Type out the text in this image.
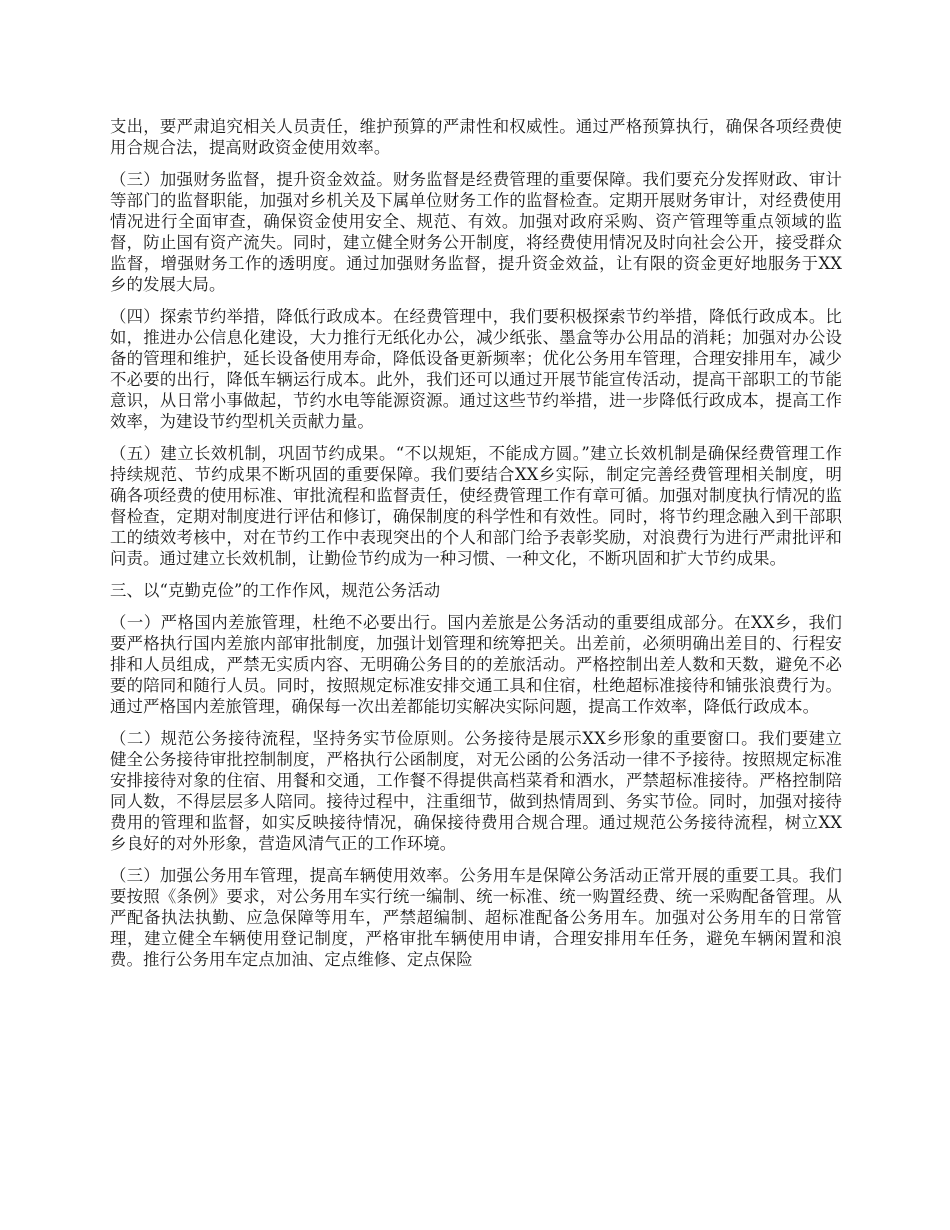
支出，要严肃追究相关人员责任，维护预算的严肃性和权威性。通过严格预算执行，确保各项经费使用合规合法，提高财政资金使用效率。

（三）加强财务监督，提升资金效益。财务监督是经费管理的重要保障。我们要充分发挥财政、审计等部门的监督职能，加强对乡机关及下属单位财务工作的监督检查。定期开展财务审计，对经费使用情况进行全面审查，确保资金使用安全、规范、有效。加强对政府采购、资产管理等重点领域的监督，防止国有资产流失。同时，建立健全财务公开制度，将经费使用情况及时向社会公开，接受群众监督，增强财务工作的透明度。通过加强财务监督，提升资金效益，让有限的资金更好地服务于XX乡的发展大局。

（四）探索节约举措，降低行政成本。在经费管理中，我们要积极探索节约举措，降低行政成本。比如，推进办公信息化建设，大力推行无纸化办公，减少纸张、墨盒等办公用品的消耗；加强对办公设备的管理和维护，延长设备使用寿命，降低设备更新频率；优化公务用车管理，合理安排用车，减少不必要的出行，降低车辆运行成本。此外，我们还可以通过开展节能宣传活动，提高干部职工的节能意识，从日常小事做起，节约水电等能源资源。通过这些节约举措，进一步降低行政成本，提高工作效率，为建设节约型机关贡献力量。

（五）建立长效机制，巩固节约成果。“不以规矩，不能成方圆。”建立长效机制是确保经费管理工作持续规范、节约成果不断巩固的重要保障。我们要结合XX乡实际，制定完善经费管理相关制度，明确各项经费的使用标准、审批流程和监督责任，使经费管理工作有章可循。加强对制度执行情况的监督检查，定期对制度进行评估和修订，确保制度的科学性和有效性。同时，将节约理念融入到干部职工的绩效考核中，对在节约工作中表现突出的个人和部门给予表彰奖励，对浪费行为进行严肃批评和问责。通过建立长效机制，让勤俭节约成为一种习惯、一种文化，不断巩固和扩大节约成果。

三、以“克勤克俭”的工作作风，规范公务活动

（一）严格国内差旅管理，杜绝不必要出行。国内差旅是公务活动的重要组成部分。在XX乡，我们要严格执行国内差旅内部审批制度，加强计划管理和统筹把关。出差前，必须明确出差目的、行程安排和人员组成，严禁无实质内容、无明确公务目的的差旅活动。严格控制出差人数和天数，避免不必要的陪同和随行人员。同时，按照规定标准安排交通工具和住宿，杜绝超标准接待和铺张浪费行为。通过严格国内差旅管理，确保每一次出差都能切实解决实际问题，提高工作效率，降低行政成本。

（二）规范公务接待流程，坚持务实节俭原则。公务接待是展示XX乡形象的重要窗口。我们要建立健全公务接待审批控制制度，严格执行公函制度，对无公函的公务活动一律不予接待。按照规定标准安排接待对象的住宿、用餐和交通，工作餐不得提供高档菜肴和酒水，严禁超标准接待。严格控制陪同人数，不得层层多人陪同。接待过程中，注重细节，做到热情周到、务实节俭。同时，加强对接待费用的管理和监督，如实反映接待情况，确保接待费用合规合理。通过规范公务接待流程，树立XX乡良好的对外形象，营造风清气正的工作环境。

（三）加强公务用车管理，提高车辆使用效率。公务用车是保障公务活动正常开展的重要工具。我们要按照《条例》要求，对公务用车实行统一编制、统一标准、统一购置经费、统一采购配备管理。从严配备执法执勤、应急保障等用车，严禁超编制、超标准配备公务用车。加强对公务用车的日常管理，建立健全车辆使用登记制度，严格审批车辆使用申请，合理安排用车任务，避免车辆闲置和浪费。推行公务用车定点加油、定点维修、定点保险
